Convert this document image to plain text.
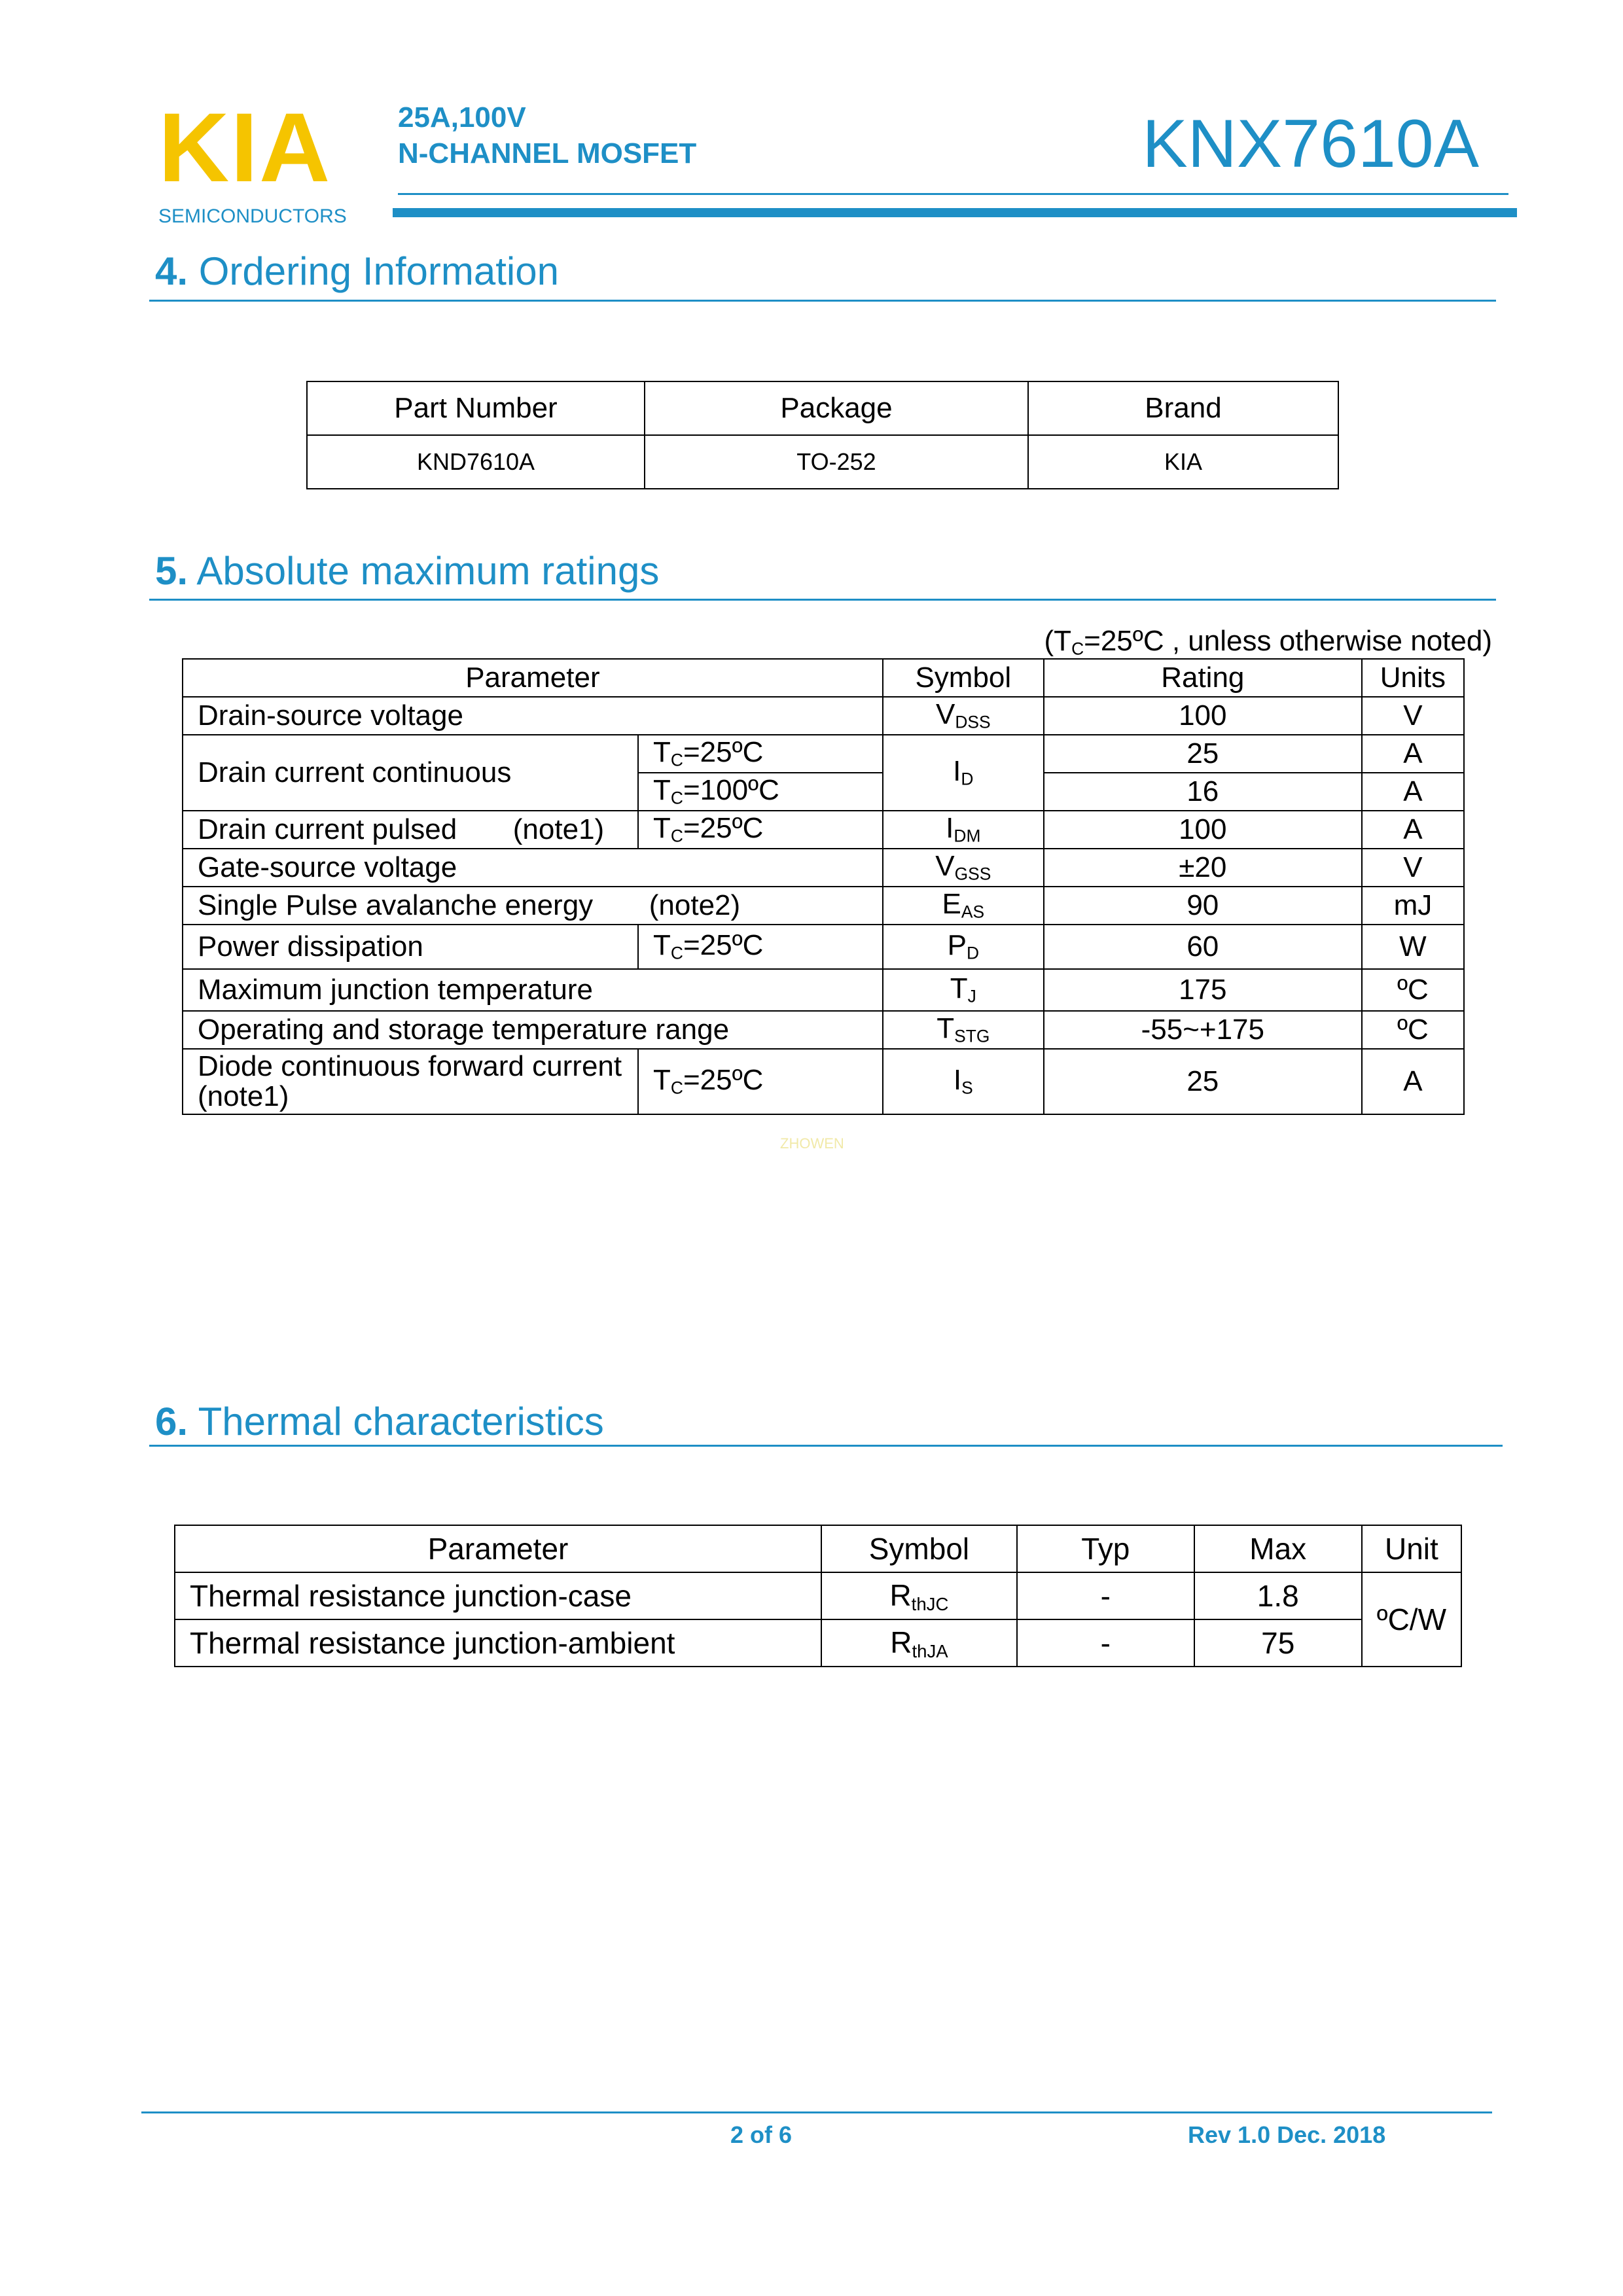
KIA
SEMICONDUCTORS
25A,100V
N-CHANNEL MOSFET	KNX7610A
4. Ordering Information
Part Number	Package	Brand
KND7610A	TO-252	KIA
5. Absolute maximum ratings
($T_C=25ºC$ , unless otherwise noted)
Parameter		Symbol	Rating	Units
Drain-source voltage		$V_{DSS}$	100	V
Drain current continuous	$T_C=25ºC$	$I_D$	25	A
	$T_C=100ºC$		16	A
Drain current pulsed (note1)	$T_C=25ºC$	$I_{DM}$	100	A
Gate-source voltage		$V_{GSS}$	±20	V
Single Pulse avalanche energy (note2)		$E_{AS}$	90	mJ
Power dissipation	$T_C=25ºC$	$P_D$	60	W
Maximum junction temperature		$T_J$	175	ºC
Operating and storage temperature range		$T_{STG}$	-55~+175	ºC
Diode continuous forward current
(note1)	$T_C=25ºC$	$I_S$	25	A
ZHOWEN
6. Thermal characteristics
Parameter	Symbol	Typ	Max	Unit
Thermal resistance junction-case	$R_{thJC}$	-	1.8	ºC/W
Thermal resistance junction-ambient	$R_{thJA}$	-	75	
2 of 6	Rev 1.0 Dec. 2018
